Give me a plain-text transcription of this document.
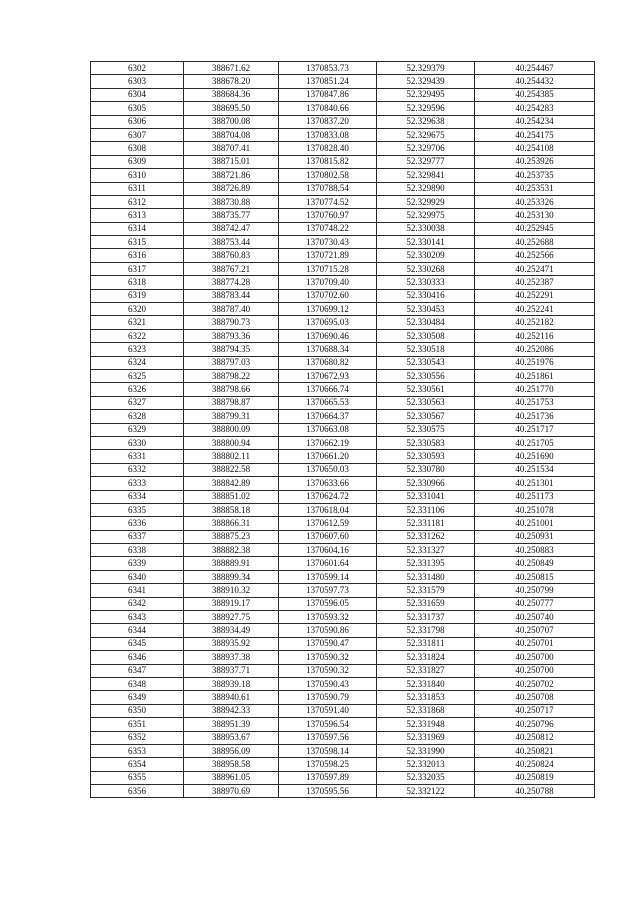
6302	388671.62	1370853.73	52.329379	40.254467
6303	388678.20	1370851.24	52.329439	40.254432
6304	388684.36	1370847.86	52.329495	40.254385
6305	388695.50	1370840.66	52.329596	40.254283
6306	388700.08	1370837.20	52.329638	40.254234
6307	388704.08	1370833.08	52.329675	40.254175
6308	388707.41	1370828.40	52.329706	40.254108
6309	388715.01	1370815.82	52.329777	40.253926
6310	388721.86	1370802.58	52.329841	40.253735
6311	388726.89	1370788.54	52.329890	40.253531
6312	388730.88	1370774.52	52.329929	40.253326
6313	388735.77	1370760.97	52.329975	40.253130
6314	388742.47	1370748.22	52.330038	40.252945
6315	388753.44	1370730.43	52.330141	40.252688
6316	388760.83	1370721.89	52.330209	40.252566
6317	388767.21	1370715.28	52.330268	40.252471
6318	388774.28	1370709.40	52.330333	40.252387
6319	388783.44	1370702.60	52.330416	40.252291
6320	388787.40	1370699.12	52.330453	40.252241
6321	388790.73	1370695.03	52.330484	40.252182
6322	388793.36	1370690.46	52.330508	40.252116
6323	388794.35	1370688.34	52.330518	40.252086
6324	388797.03	1370680.82	52.330543	40.251976
6325	388798.22	1370672.93	52.330556	40.251861
6326	388798.66	1370666.74	52.330561	40.251770
6327	388798.87	1370665.53	52.330563	40.251753
6328	388799.31	1370664.37	52.330567	40.251736
6329	388800.09	1370663.08	52.330575	40.251717
6330	388800.94	1370662.19	52.330583	40.251705
6331	388802.11	1370661.20	52.330593	40.251690
6332	388822.58	1370650.03	52.330780	40.251534
6333	388842.89	1370633.66	52.330966	40.251301
6334	388851.02	1370624.72	52.331041	40.251173
6335	388858.18	1370618.04	52.331106	40.251078
6336	388866.31	1370612.59	52.331181	40.251001
6337	388875.23	1370607.60	52.331262	40.250931
6338	388882.38	1370604.16	52.331327	40.250883
6339	388889.91	1370601.64	52.331395	40.250849
6340	388899.34	1370599.14	52.331480	40.250815
6341	388910.32	1370597.73	52.331579	40.250799
6342	388919.17	1370596.05	52.331659	40.250777
6343	388927.75	1370593.32	52.331737	40.250740
6344	388934.49	1370590.86	52.331798	40.250707
6345	388935.92	1370590.47	52.331811	40.250701
6346	388937.38	1370590.32	52.331824	40.250700
6347	388937.71	1370590.32	52.331827	40.250700
6348	388939.18	1370590.43	52.331840	40.250702
6349	388940.61	1370590.79	52.331853	40.250708
6350	388942.33	1370591.40	52.331868	40.250717
6351	388951.39	1370596.54	52.331948	40.250796
6352	388953.67	1370597.56	52.331969	40.250812
6353	388956.09	1370598.14	52.331990	40.250821
6354	388958.58	1370598.25	52.332013	40.250824
6355	388961.05	1370597.89	52.332035	40.250819
6356	388970.69	1370595.56	52.332122	40.250788
